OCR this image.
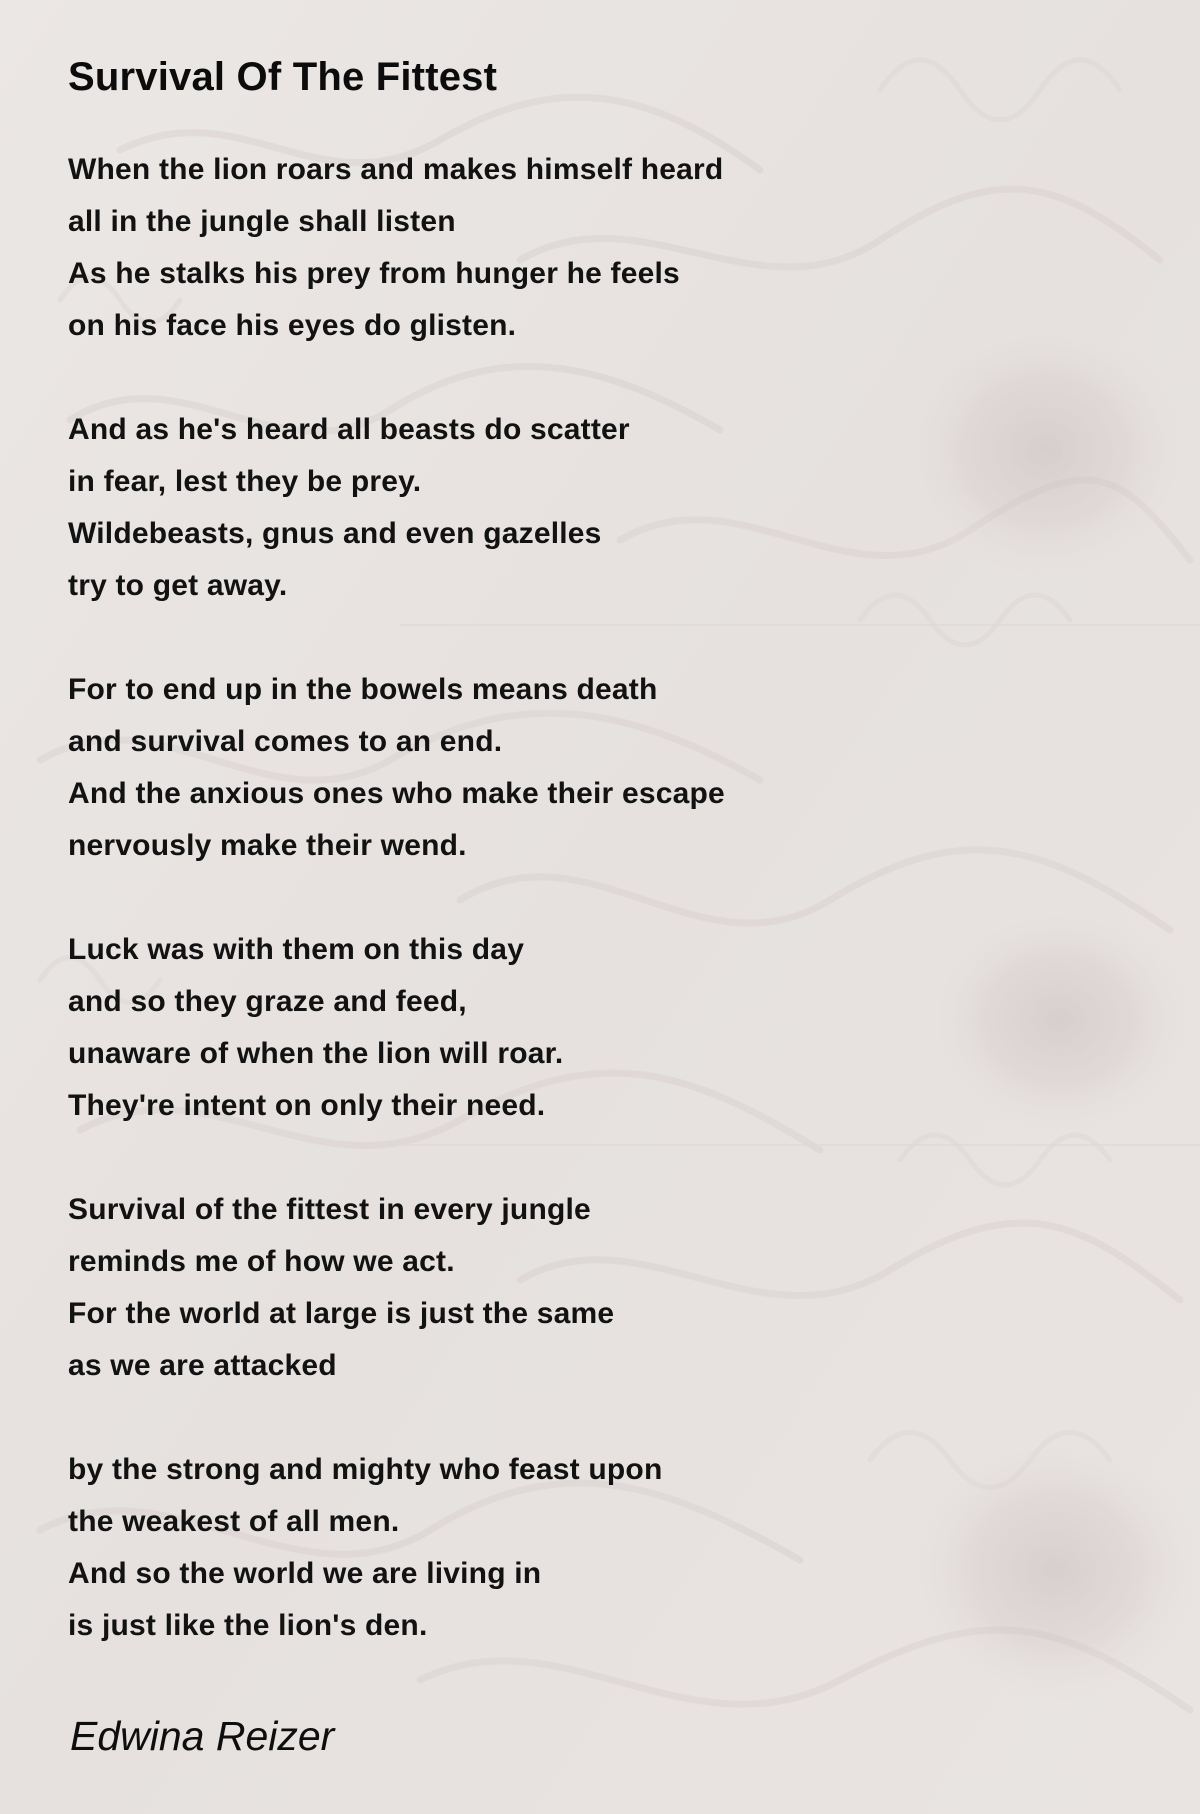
Survival Of The Fittest
When the lion roars and makes himself heard
all in the jungle shall listen
As he stalks his prey from hunger he feels
on his face his eyes do glisten.
And as he's heard all beasts do scatter
in fear, lest they be prey.
Wildebeasts, gnus and even gazelles
try to get away.
For to end up in the bowels means death
and survival comes to an end.
And the anxious ones who make their escape
nervously make their wend.
Luck was with them on this day
and so they graze and feed,
unaware of when the lion will roar.
They're intent on only their need.
Survival of the fittest in every jungle
reminds me of how we act.
For the world at large is just the same
as we are attacked
by the strong and mighty who feast upon
the weakest of all men.
And so the world we are living in
is just like the lion's den.
Edwina Reizer
